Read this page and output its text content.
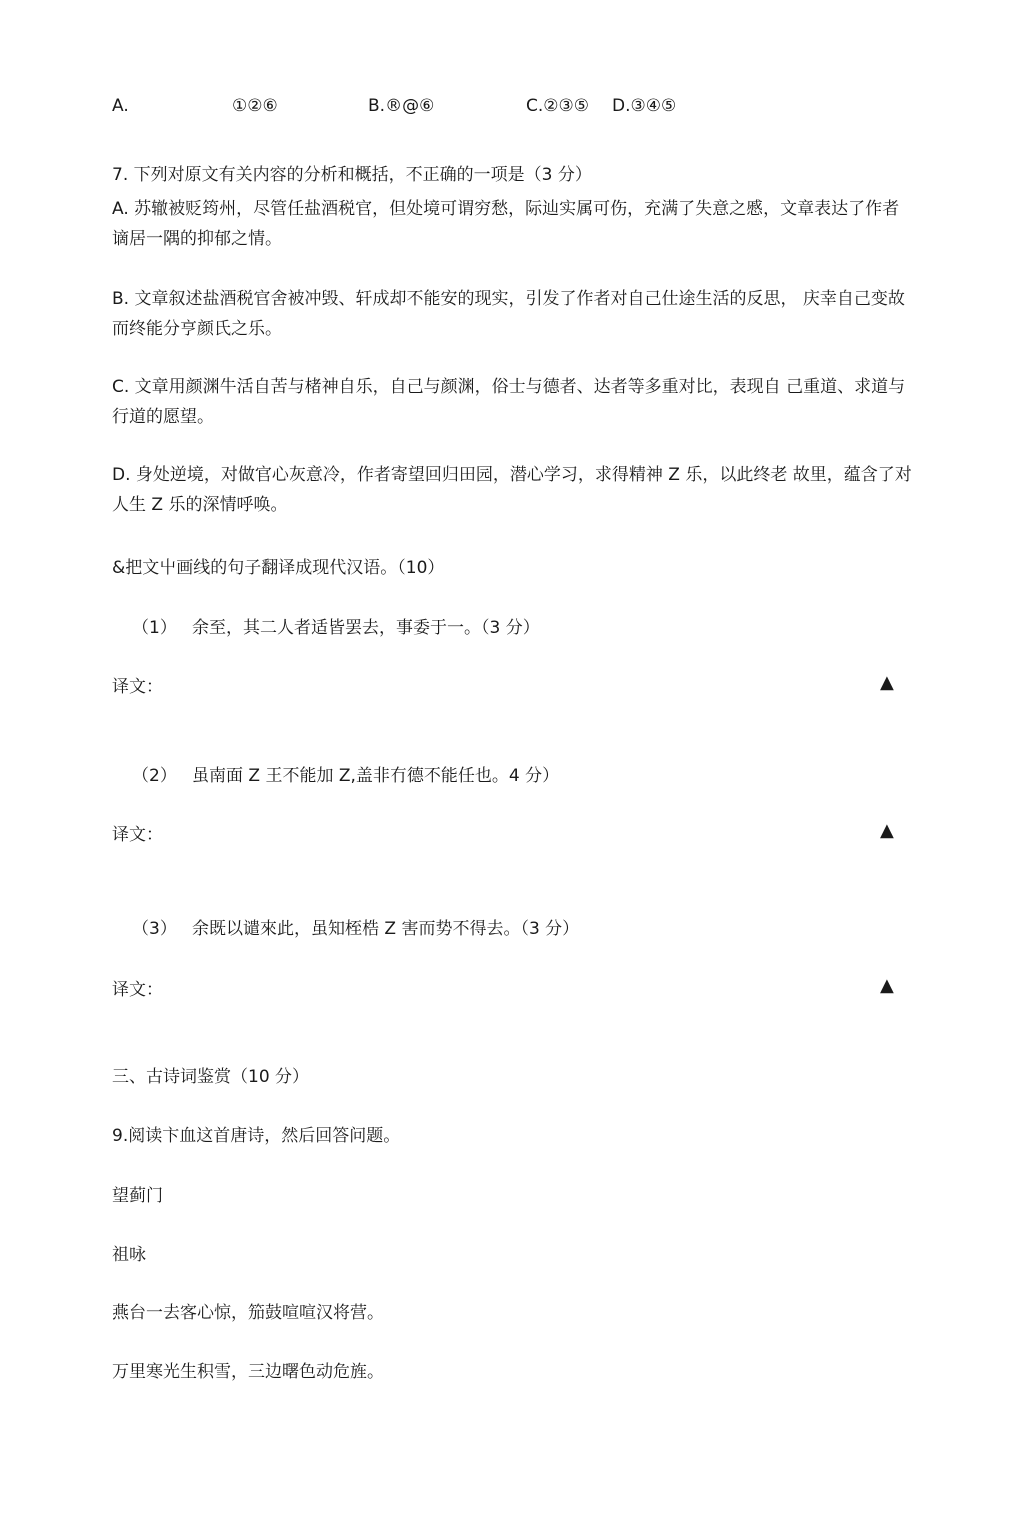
A.	①②⑥	B.®@⑥	C.②③⑤ D.③④⑤
7. 下列对原文有关内容的分析和概括，不正确的一项是（3 分）
A. 苏辙被贬筠州，尽管任盐酒税官，但处境可谓穷愁，际辿实属可伤，充满了失意之慼，文章表达了作者谪居一隅的抑郁之情。
B. 文章叙述盐酒税官舍被冲毁、轩成却不能安的现实，引发了作者对自己仕途生活的反思， 庆幸自己变故而终能分亨颜氏之乐。
C. 文章用颜渊牛活自苦与楮神自乐，自己与颜渊，俗士与德者、达者等多重对比，表现自 己重道、求道与行道的愿望。
D. 身处逆境，对做官心灰意冷，作者寄望回归田园，潜心学习，求得精神 Z 乐，以此终老 故里，蕴含了对人生 Z 乐的深情呼唤。
&把文屮画线的句子翻译成现代汉语。（10）
（1） 余至，其二人者适皆罢去，事委于一。（3 分）
译文：	▲
（2） 虽南面 Z 王不能加 Z,盖非冇德不能任也。4 分）
译文：	▲
（3） 余既以谴來此，虽知桎梏 Z 害而势不得去。（3 分）
译文：	▲
三、古诗词鉴赏（10 分）
9.阅读卞血这首唐诗，然后回答问题。
望蓟门
祖咏
燕台一去客心惊，笳鼓喧喧汉将营。
万里寒光生积雪，三边曙色动危旌。
